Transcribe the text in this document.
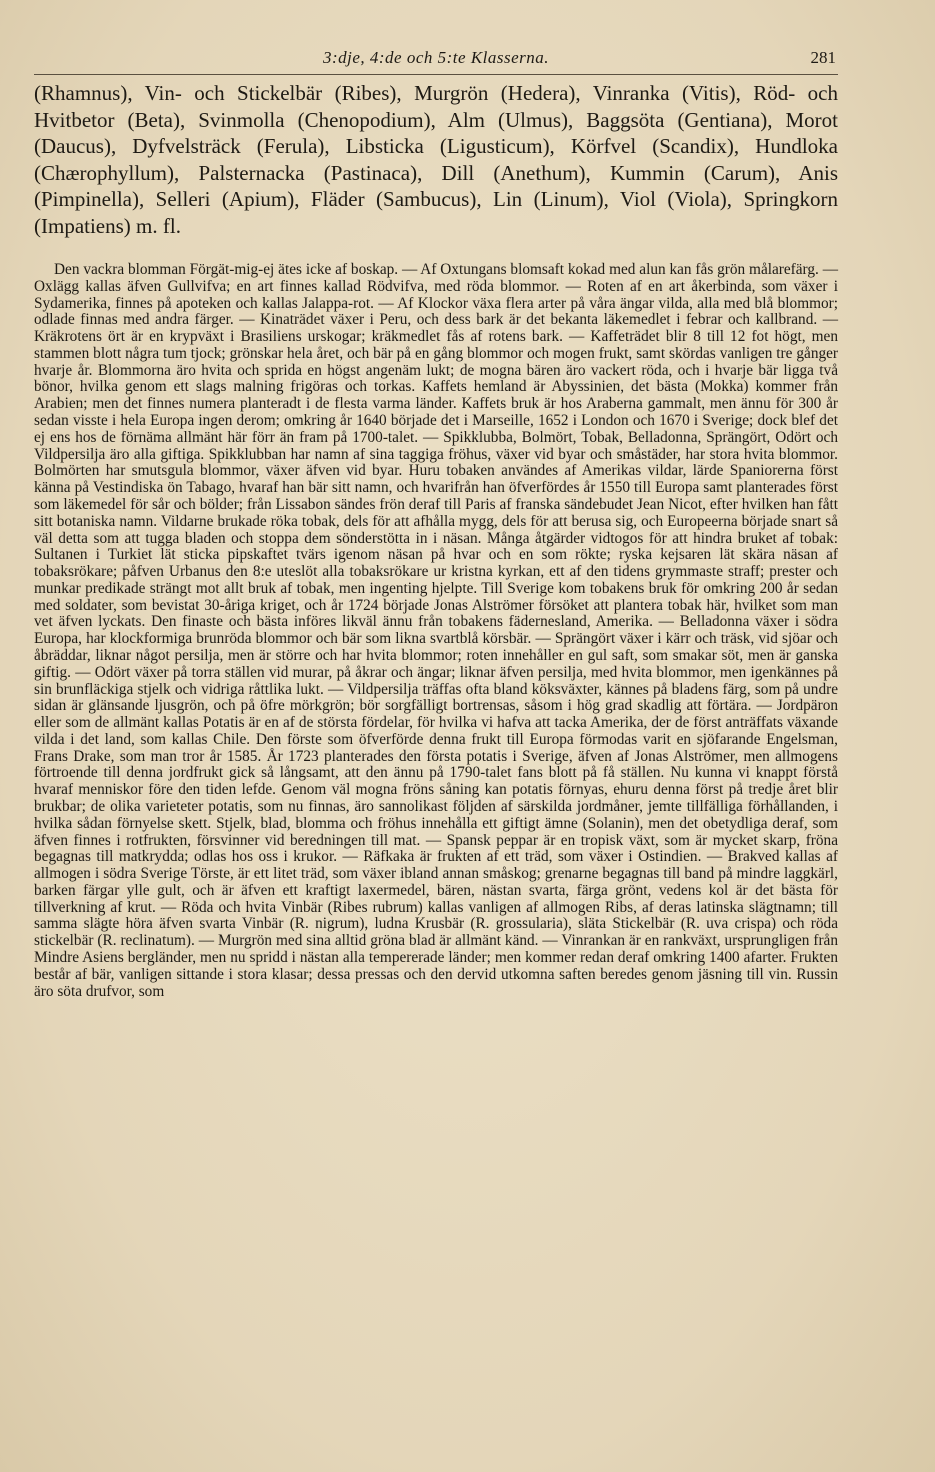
3:dje, 4:de och 5:te Klasserna.	281
(Rhamnus), Vin- och Stickelbär (Ribes), Murgrön (Hedera), Vinranka (Vitis), Röd- och Hvitbetor (Beta), Svinmolla (Chenopodium), Alm (Ulmus), Baggsöta (Gentiana), Morot (Daucus), Dyfvelsträck (Ferula), Libsticka (Ligusticum), Körfvel (Scandix), Hundloka (Chærophyllum), Palsternacka (Pastinaca), Dill (Anethum), Kummin (Carum), Anis (Pimpinella), Selleri (Apium), Fläder (Sambucus), Lin (Linum), Viol (Viola), Springkorn (Impatiens) m. fl.

Den vackra blomman Förgät-mig-ej ätes icke af boskap. — Af Oxtungans blomsaft kokad med alun kan fås grön målarefärg. — Oxlägg kallas äfven Gullvifva; en art finnes kallad Rödvifva, med röda blommor. — Roten af en art åkerbinda, som växer i Sydamerika, finnes på apoteken och kallas Jalappa-rot. — Af Klockor växa flera arter på våra ängar vilda, alla med blå blommor; odlade finnas med andra färger. — Kinaträdet växer i Peru, och dess bark är det bekanta läkemedlet i febrar och kallbrand. — Kräkrotens ört är en krypväxt i Brasiliens urskogar; kräkmedlet fås af rotens bark. — Kaffeträdet blir 8 till 12 fot högt, men stammen blott några tum tjock; grönskar hela året, och bär på en gång blommor och mogen frukt, samt skördas vanligen tre gånger hvarje år. Blommorna äro hvita och sprida en högst angenäm lukt; de mogna bären äro vackert röda, och i hvarje bär ligga två bönor, hvilka genom ett slags malning frigöras och torkas. Kaffets hemland är Abyssinien, det bästa (Mokka) kommer från Arabien; men det finnes numera planteradt i de flesta varma länder. Kaffets bruk är hos Araberna gammalt, men ännu för 300 år sedan visste i hela Europa ingen derom; omkring år 1640 började det i Marseille, 1652 i London och 1670 i Sverige; dock blef det ej ens hos de förnäma allmänt här förr än fram på 1700-talet. — Spikklubba, Bolmört, Tobak, Belladonna, Sprängört, Odört och Vildpersilja äro alla giftiga. Spikklubban har namn af sina taggiga fröhus, växer vid byar och småstäder, har stora hvita blommor. Bolmörten har smutsgula blommor, växer äfven vid byar. Huru tobaken användes af Amerikas vildar, lärde Spaniorerna först känna på Vestindiska ön Tabago, hvaraf han bär sitt namn, och hvarifrån han öfverfördes år 1550 till Europa samt planterades först som läkemedel för sår och bölder; från Lissabon sändes frön deraf till Paris af franska sändebudet Jean Nicot, efter hvilken han fått sitt botaniska namn. Vildarne brukade röka tobak, dels för att afhålla mygg, dels för att berusa sig, och Europeerna började snart så väl detta som att tugga bladen och stoppa dem sönderstötta in i näsan. Många åtgärder vidtogos för att hindra bruket af tobak: Sultanen i Turkiet lät sticka pipskaftet tvärs igenom näsan på hvar och en som rökte; ryska kejsaren lät skära näsan af tobaksrökare; påfven Urbanus den 8:e uteslöt alla tobaksrökare ur kristna kyrkan, ett af den tidens grymmaste straff; prester och munkar predikade strängt mot allt bruk af tobak, men ingenting hjelpte. Till Sverige kom tobakens bruk för omkring 200 år sedan med soldater, som bevistat 30-åriga kriget, och år 1724 började Jonas Alströmer försöket att plantera tobak här, hvilket som man vet äfven lyckats. Den finaste och bästa införes likväl ännu från tobakens fädernesland, Amerika. — Belladonna växer i södra Europa, har klockformiga brunröda blommor och bär som likna svartblå körsbär. — Sprängört växer i kärr och träsk, vid sjöar och åbräddar, liknar något persilja, men är större och har hvita blommor; roten innehåller en gul saft, som smakar söt, men är ganska giftig. — Odört växer på torra ställen vid murar, på åkrar och ängar; liknar äfven persilja, med hvita blommor, men igenkännes på sin brunfläckiga stjelk och vidriga råttlika lukt. — Vildpersilja träffas ofta bland köksväxter, kännes på bladens färg, som på undre sidan är glänsande ljusgrön, och på öfre mörkgrön; bör sorgfälligt bortrensas, såsom i hög grad skadlig att förtära. — Jordpäron eller som de allmänt kallas Potatis är en af de största fördelar, för hvilka vi hafva att tacka Amerika, der de först anträffats växande vilda i det land, som kallas Chile. Den förste som öfverförde denna frukt till Europa förmodas varit en sjöfarande Engelsman, Frans Drake, som man tror år 1585. År 1723 planterades den första potatis i Sverige, äfven af Jonas Alströmer, men allmogens förtroende till denna jordfrukt gick så långsamt, att den ännu på 1790-talet fans blott på få ställen. Nu kunna vi knappt förstå hvaraf menniskor före den tiden lefde. Genom väl mogna fröns såning kan potatis förnyas, ehuru denna först på tredje året blir brukbar; de olika varieteter potatis, som nu finnas, äro sannolikast följden af särskilda jordmåner, jemte tillfälliga förhållanden, i hvilka sådan förnyelse skett. Stjelk, blad, blomma och fröhus innehålla ett giftigt ämne (Solanin), men det obetydliga deraf, som äfven finnes i rotfrukten, försvinner vid beredningen till mat. — Spansk peppar är en tropisk växt, som är mycket skarp, fröna begagnas till matkrydda; odlas hos oss i krukor. — Räfkaka är frukten af ett träd, som växer i Ostindien. — Brakved kallas af allmogen i södra Sverige Törste, är ett litet träd, som växer ibland annan småskog; grenarne begagnas till band på mindre laggkärl, barken färgar ylle gult, och är äfven ett kraftigt laxermedel, bären, nästan svarta, färga grönt, vedens kol är det bästa för tillverkning af krut. — Röda och hvita Vinbär (Ribes rubrum) kallas vanligen af allmogen Ribs, af deras latinska slägtnamn; till samma slägte höra äfven svarta Vinbär (R. nigrum), ludna Krusbär (R. grossularia), släta Stickelbär (R. uva crispa) och röda stickelbär (R. reclinatum). — Murgrön med sina alltid gröna blad är allmänt känd. — Vinrankan är en rankväxt, ursprungligen från Mindre Asiens bergländer, men nu spridd i nästan alla tempererade länder; men kommer redan deraf omkring 1400 afarter. Frukten består af bär, vanligen sittande i stora klasar; dessa pressas och den dervid utkomna saften beredes genom jäsning till vin. Russin äro söta drufvor, som
